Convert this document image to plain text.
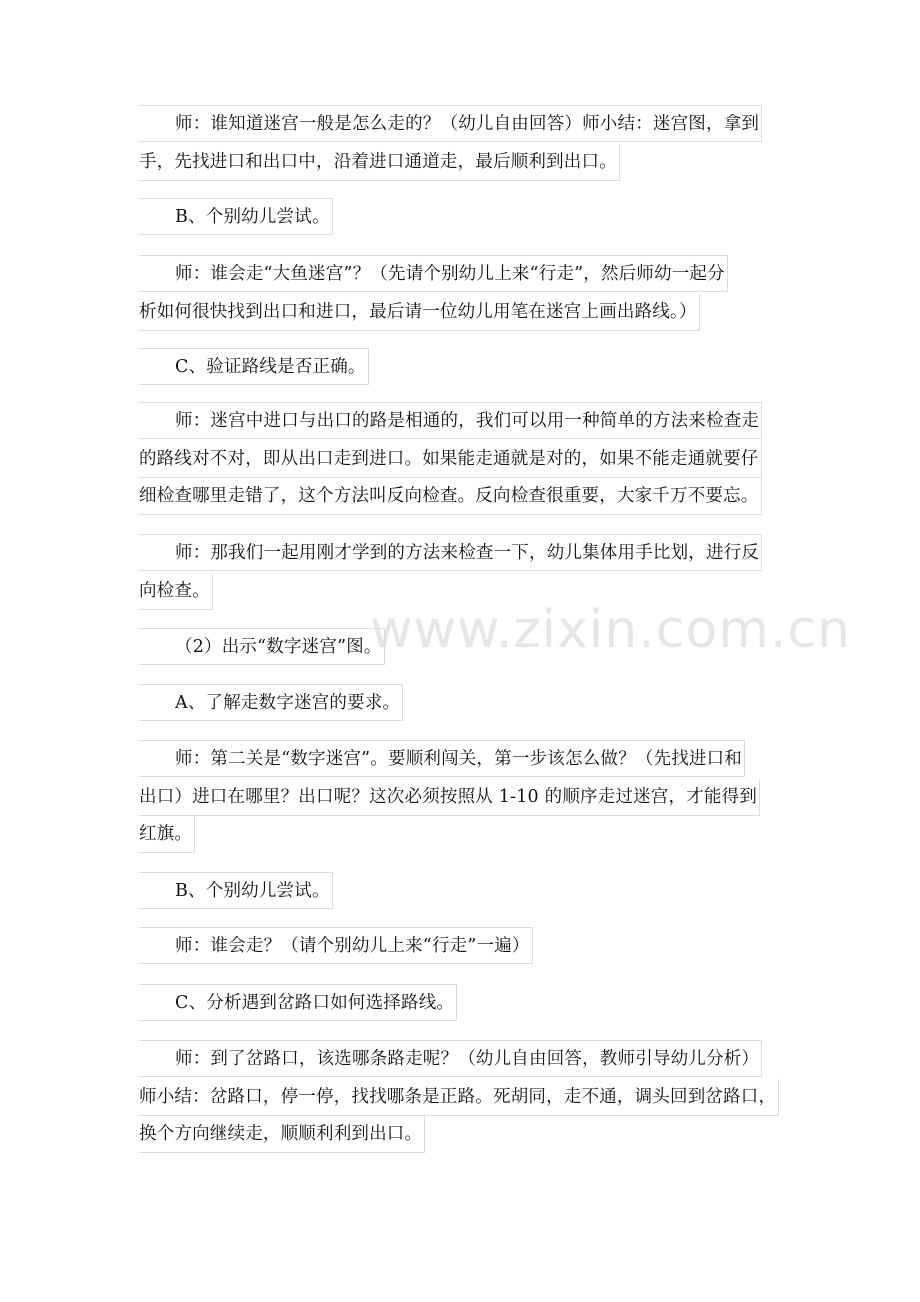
www.zixin.com.cn
师：谁知道迷宫一般是怎么走的？（幼儿自由回答）师小结：迷宫图，拿到
手，先找进口和出口中，沿着进口通道走，最后顺利到出口。
B、个别幼儿尝试。
师：谁会走“大鱼迷宫”？（先请个别幼儿上来“行走”，然后师幼一起分
析如何很快找到出口和进口，最后请一位幼儿用笔在迷宫上画出路线。）
C、验证路线是否正确。
师：迷宫中进口与出口的路是相通的，我们可以用一种简单的方法来检查走
的路线对不对，即从出口走到进口。如果能走通就是对的，如果不能走通就要仔
细检查哪里走错了，这个方法叫反向检查。反向检查很重要，大家千万不要忘。
师：那我们一起用刚才学到的方法来检查一下，幼儿集体用手比划，进行反
向检查。
（2）出示“数字迷宫”图。
A、了解走数字迷宫的要求。
师：第二关是“数字迷宫”。要顺利闯关，第一步该怎么做？（先找进口和
出口）进口在哪里？出口呢？这次必须按照从 1-10 的顺序走过迷宫，才能得到
红旗。
B、个别幼儿尝试。
师：谁会走？（请个别幼儿上来“行走”一遍）
C、分析遇到岔路口如何选择路线。
师：到了岔路口，该选哪条路走呢？（幼儿自由回答，教师引导幼儿分析）
师小结：岔路口，停一停，找找哪条是正路。死胡同，走不通，调头回到岔路口，
换个方向继续走，顺顺利利到出口。
